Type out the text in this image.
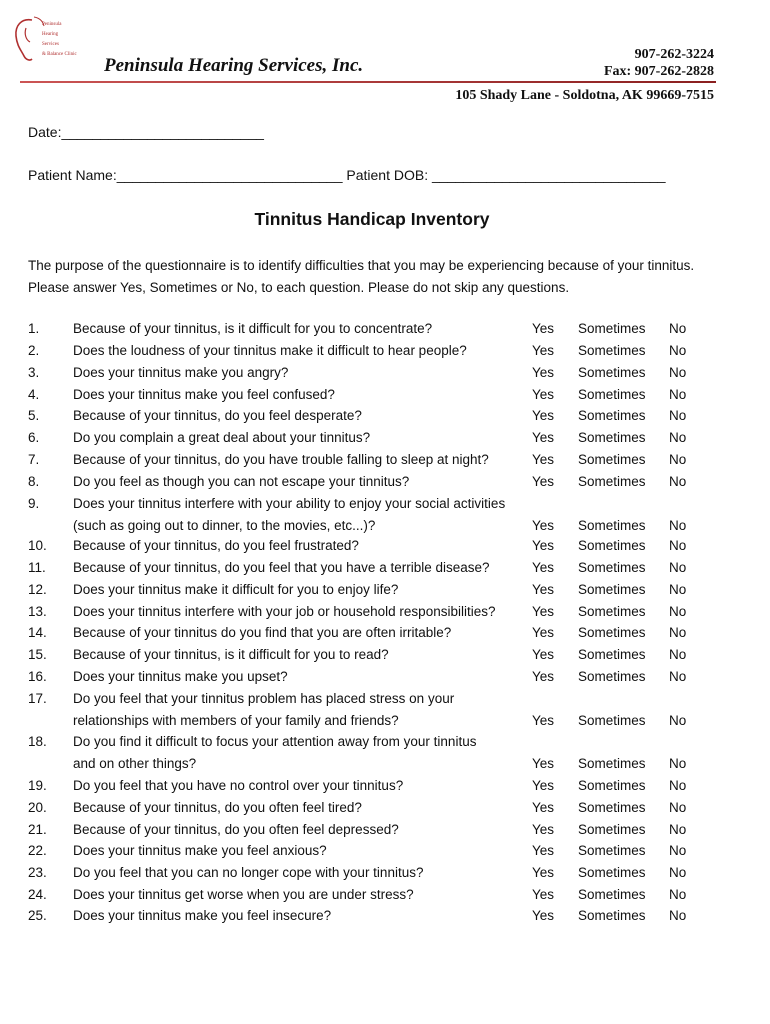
Peninsula
Hearing
Services
& Balance Clinic
Peninsula Hearing Services, Inc.
907-262-3224
Fax: 907-262-2828
105 Shady Lane - Soldotna, AK 99669-7515
Date:__________________________
Patient Name:_____________________________ Patient DOB: ______________________________
Tinnitus Handicap Inventory
The purpose of the questionnaire is to identify difficulties that you may be experiencing because of your tinnitus.
Please answer Yes, Sometimes or No, to each question. Please do not skip any questions.
1. Because of your tinnitus, is it difficult for you to concentrate?	Yes Sometimes No
2. Does the loudness of your tinnitus make it difficult to hear people?	Yes Sometimes No
3. Does your tinnitus make you angry?	Yes Sometimes No
4. Does your tinnitus make you feel confused?	Yes Sometimes No
5. Because of your tinnitus, do you feel desperate?	Yes Sometimes No
6. Do you complain a great deal about your tinnitus?	Yes Sometimes No
7. Because of your tinnitus, do you have trouble falling to sleep at night?	Yes Sometimes No
8. Do you feel as though you can not escape your tinnitus?	Yes Sometimes No
9. Does your tinnitus interfere with your ability to enjoy your social activities
(such as going out to dinner, to the movies, etc...)?	Yes Sometimes No
10. Because of your tinnitus, do you feel frustrated?	Yes Sometimes No
11. Because of your tinnitus, do you feel that you have a terrible disease?	Yes Sometimes No
12. Does your tinnitus make it difficult for you to enjoy life?	Yes Sometimes No
13. Does your tinnitus interfere with your job or household responsibilities?	Yes Sometimes No
14. Because of your tinnitus do you find that you are often irritable?	Yes Sometimes No
15. Because of your tinnitus, is it difficult for you to read?	Yes Sometimes No
16. Does your tinnitus make you upset?	Yes Sometimes No
17. Do you feel that your tinnitus problem has placed stress on your
relationships with members of your family and friends?	Yes Sometimes No
18. Do you find it difficult to focus your attention away from your tinnitus
and on other things?	Yes Sometimes No
19. Do you feel that you have no control over your tinnitus?	Yes Sometimes No
20. Because of your tinnitus, do you often feel tired?	Yes Sometimes No
21. Because of your tinnitus, do you often feel depressed?	Yes Sometimes No
22. Does your tinnitus make you feel anxious?	Yes Sometimes No
23. Do you feel that you can no longer cope with your tinnitus?	Yes Sometimes No
24. Does your tinnitus get worse when you are under stress?	Yes Sometimes No
25. Does your tinnitus make you feel insecure?	Yes Sometimes No
